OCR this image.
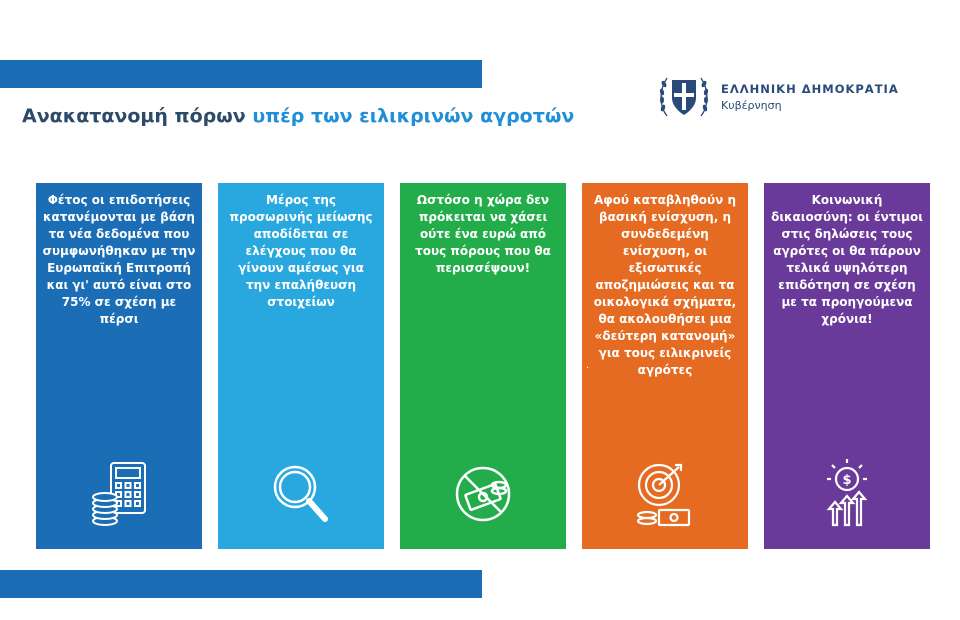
ΕΛΛΗΝΙΚΗ ΔΗΜΟΚΡΑΤΙΑ
Κυβέρνηση
Ανακατανομή πόρων υπέρ των ειλικρινών αγροτών
Φέτος οι επιδοτήσεις κατανέμονται με βάση τα νέα δεδομένα που συμφωνήθηκαν με την Ευρωπαϊκή Επιτροπή και γι' αυτό είναι στο 75% σε σχέση με πέρσι
Μέρος της προσωρινής μείωσης αποδίδεται σε ελέγχους που θα γίνουν αμέσως για την επαλήθευση στοιχείων
Ωστόσο η χώρα δεν πρόκειται να χάσει ούτε ένα ευρώ από τους πόρους που θα περισσέψουν!
Αφού καταβληθούν η βασική ενίσχυση, η συνδεδεμένη ενίσχυση, οι εξισωτικές αποζημιώσεις και τα οικολογικά σχήματα, θα ακολουθήσει μια «δεύτερη κατανομή» για τους ειλικρινείς αγρότες
·
Κοινωνική δικαιοσύνη: οι έντιμοι στις δηλώσεις τους αγρότες οι θα πάρουν τελικά υψηλότερη επιδότηση σε σχέση με τα προηγούμενα χρόνια!
$
